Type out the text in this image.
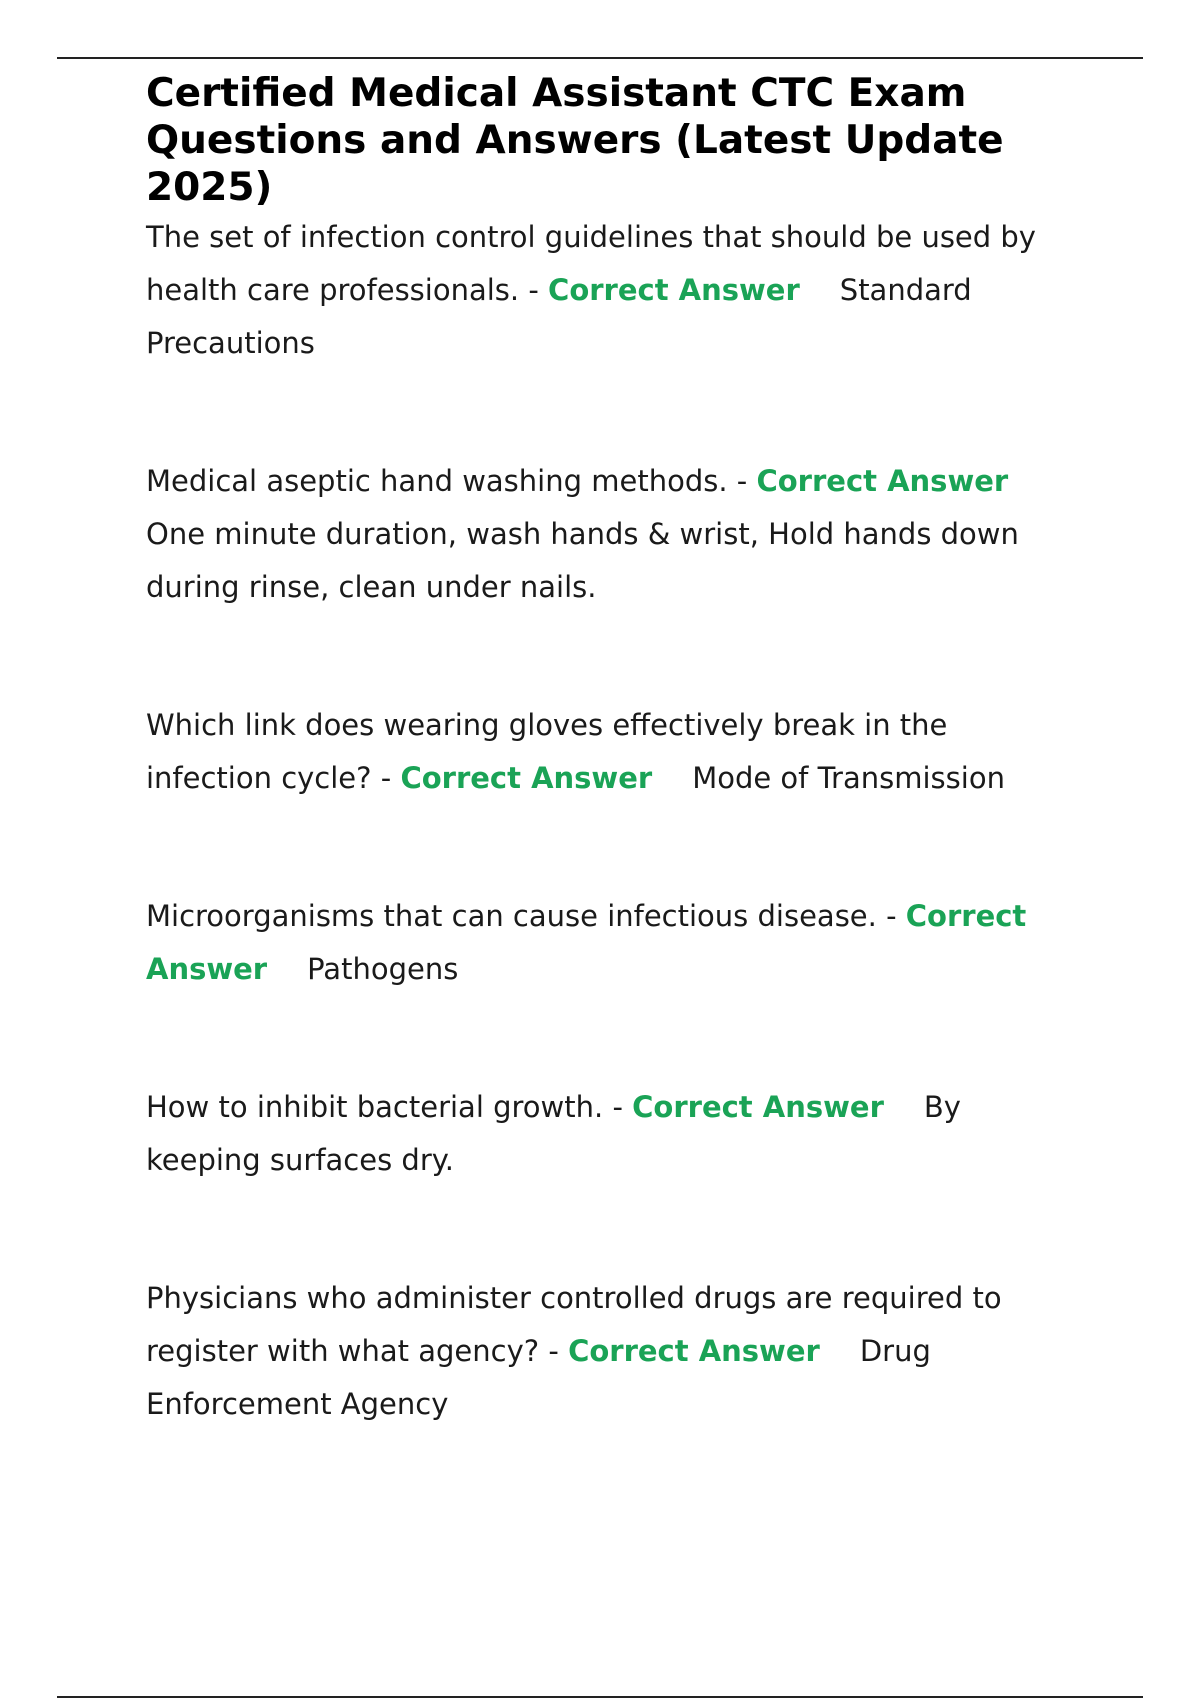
Certified Medical Assistant CTC Exam Questions and Answers (Latest Update 2025)

The set of infection control guidelines that should be used by health care professionals. - Correct Answer Standard Precautions

Medical aseptic hand washing methods. - Correct AnswerOne minute duration, wash hands & wrist, Hold hands down during rinse, clean under nails.

Which link does wearing gloves effectively break in the infection cycle? - Correct Answer Mode of Transmission

Microorganisms that can cause infectious disease. - Correct Answer Pathogens

How to inhibit bacterial growth. - Correct Answer By keeping surfaces dry.

Physicians who administer controlled drugs are required to register with what agency? - Correct Answer Drug Enforcement Agency
